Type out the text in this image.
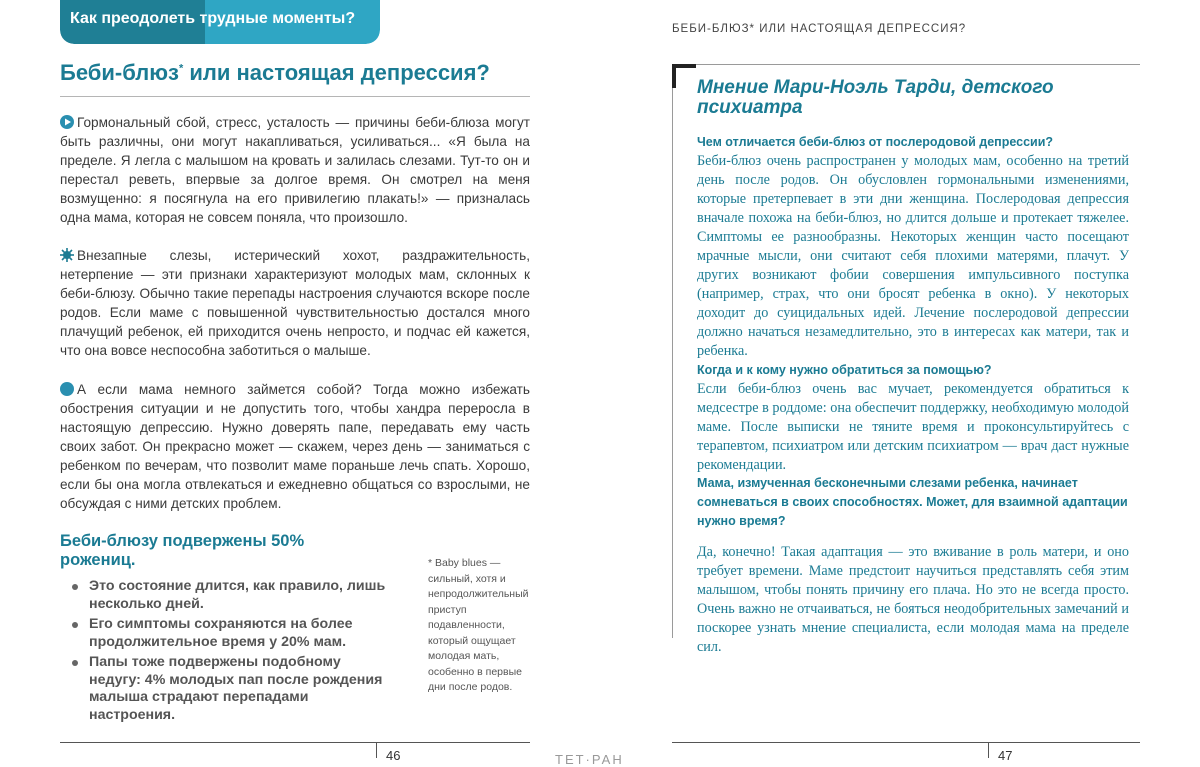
Как преодолеть трудные моменты?
Беби-блюз* или настоящая депрессия?

Гормональный сбой, стресс, усталость — причины беби-блюза могут быть различны, они могут накапливаться, усиливаться... «Я была на пределе. Я легла с малышом на кровать и залилась слезами. Тут-то он и перестал реветь, впервые за долгое время. Он смотрел на меня возмущенно: я посягнула на его привилегию плакать!» — призналась одна мама, которая не совсем поняла, что произошло.

Внезапные слезы, истерический хохот, раздражительность, нетерпение — эти признаки характеризуют молодых мам, склонных к беби-блюзу. Обычно такие перепады настроения случаются вскоре после родов. Если маме с повышенной чувствительностью достался много плачущий ребенок, ей приходится очень непросто, и подчас ей кажется, что она вовсе неспособна заботиться о малыше.

А если мама немного займется собой? Тогда можно избежать обострения ситуации и не допустить того, чтобы хандра переросла в настоящую депрессию. Нужно доверять папе, передавать ему часть своих забот. Он прекрасно может — скажем, через день — заниматься с ребенком по вечерам, что позволит маме пораньше лечь спать. Хорошо, если бы она могла отвлекаться и ежедневно общаться со взрослыми, не обсуждая с ними детских проблем.

Беби-блюзу подвержены 50% рожениц.
Это состояние длится, как правило, лишь несколько дней.
Его симптомы сохраняются на более продолжительное время у 20% мам.
Папы тоже подвержены подобному недугу: 4% молодых пап после рождения малыша страдают перепадами настроения.
* Baby blues — сильный, хотя и непродолжительный приступ подавленности, который ощущает молодая мать, особенно в первые дни после родов.
46	ТЕТ·РАН
БЕБИ-БЛЮЗ* ИЛИ НАСТОЯЩАЯ ДЕПРЕССИЯ?
Мнение Мари-Ноэль Тарди, детского психиатра
Чем отличается беби-блюз от послеродовой депрессии?
Беби-блюз очень распространен у молодых мам, особенно на третий день после родов. Он обусловлен гормональными изменениями, которые претерпевает в эти дни женщина. Послеродовая депрессия вначале похожа на беби-блюз, но длится дольше и протекает тяжелее. Симптомы ее разнообразны. Некоторых женщин часто посещают мрачные мысли, они считают себя плохими матерями, плачут. У других возникают фобии совершения импульсивного поступка (например, страх, что они бросят ребенка в окно). У некоторых доходит до суицидальных идей. Лечение послеродовой депрессии должно начаться незамедлительно, это в интересах как матери, так и ребенка.
Когда и к кому нужно обратиться за помощью?
Если беби-блюз очень вас мучает, рекомендуется обратиться к медсестре в роддоме: она обеспечит поддержку, необходимую молодой маме. После выписки не тяните время и проконсультируйтесь с терапевтом, психиатром или детским психиатром — врач даст нужные рекомендации.
Мама, измученная бесконечными слезами ребенка, начинает сомневаться в своих способностях. Может, для взаимной адаптации нужно время?
Да, конечно! Такая адаптация — это вживание в роль матери, и оно требует времени. Маме предстоит научиться представлять себя этим малышом, чтобы понять причину его плача. Но это не всегда просто. Очень важно не отчаиваться, не бояться неодобрительных замечаний и поскорее узнать мнение специалиста, если молодая мама на пределе сил.
47
